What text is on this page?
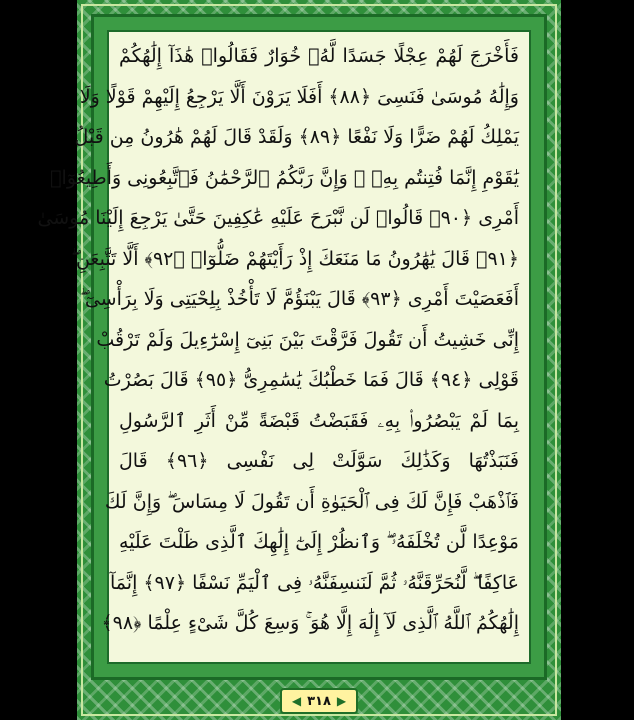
فَأَخْرَجَ لَهُمْ عِجْلًا جَسَدًا لَّهُۥ خُوَارٌ فَقَالُوا۟ هَٰذَآ إِلَٰهُكُمْ
وَإِلَٰهُ مُوسَىٰ فَنَسِىَ ﴿٨٨﴾ أَفَلَا يَرَوْنَ أَلَّا يَرْجِعُ إِلَيْهِمْ قَوْلًا وَلَا
يَمْلِكُ لَهُمْ ضَرًّا وَلَا نَفْعًا ﴿٨٩﴾ وَلَقَدْ قَالَ لَهُمْ هَٰرُونُ مِن قَبْلُ
يَٰقَوْمِ إِنَّمَا فُتِنتُم بِهِۦ ۖ وَإِنَّ رَبَّكُمُ ٱلرَّحْمَٰنُ فَٱتَّبِعُونِى وَأَطِيعُوٓا۟
أَمْرِى ﴿٩٠﴾ قَالُوا۟ لَن نَّبْرَحَ عَلَيْهِ عَٰكِفِينَ حَتَّىٰ يَرْجِعَ إِلَيْنَا مُوسَىٰ
﴿٩١﴾ قَالَ يَٰهَٰرُونُ مَا مَنَعَكَ إِذْ رَأَيْتَهُمْ ضَلُّوٓا۟ ﴿٩٢﴾ أَلَّا تَتَّبِعَنِ ۖ
أَفَعَصَيْتَ أَمْرِى ﴿٩٣﴾ قَالَ يَبْنَؤُمَّ لَا تَأْخُذْ بِلِحْيَتِى وَلَا بِرَأْسِىٓ ۖ
إِنِّى خَشِيتُ أَن تَقُولَ فَرَّقْتَ بَيْنَ بَنِىٓ إِسْرَٰٓءِيلَ وَلَمْ تَرْقُبْ
قَوْلِى ﴿٩٤﴾ قَالَ فَمَا خَطْبُكَ يَٰسَٰمِرِىُّ ﴿٩٥﴾ قَالَ بَصُرْتُ
بِمَا لَمْ يَبْصُرُوا۟ بِهِۦ فَقَبَضْتُ قَبْضَةً مِّنْ أَثَرِ ٱلرَّسُولِ
فَنَبَذْتُهَا وَكَذَٰلِكَ سَوَّلَتْ لِى نَفْسِى ﴿٩٦﴾ قَالَ
فَٱذْهَبْ فَإِنَّ لَكَ فِى ٱلْحَيَوٰةِ أَن تَقُولَ لَا مِسَاسَ ۖ وَإِنَّ لَكَ
مَوْعِدًا لَّن تُخْلَفَهُۥ ۖ وَٱنظُرْ إِلَىٰٓ إِلَٰهِكَ ٱلَّذِى ظَلْتَ عَلَيْهِ
عَاكِفًا ۖ لَّنُحَرِّقَنَّهُۥ ثُمَّ لَنَنسِفَنَّهُۥ فِى ٱلْيَمِّ نَسْفًا ﴿٩٧﴾ إِنَّمَآ
إِلَٰهُكُمُ ٱللَّهُ ٱلَّذِى لَآ إِلَٰهَ إِلَّا هُوَ ۚ وَسِعَ كُلَّ شَىْءٍ عِلْمًا ﴿٩٨﴾
◀ ٣١٨ ▶
